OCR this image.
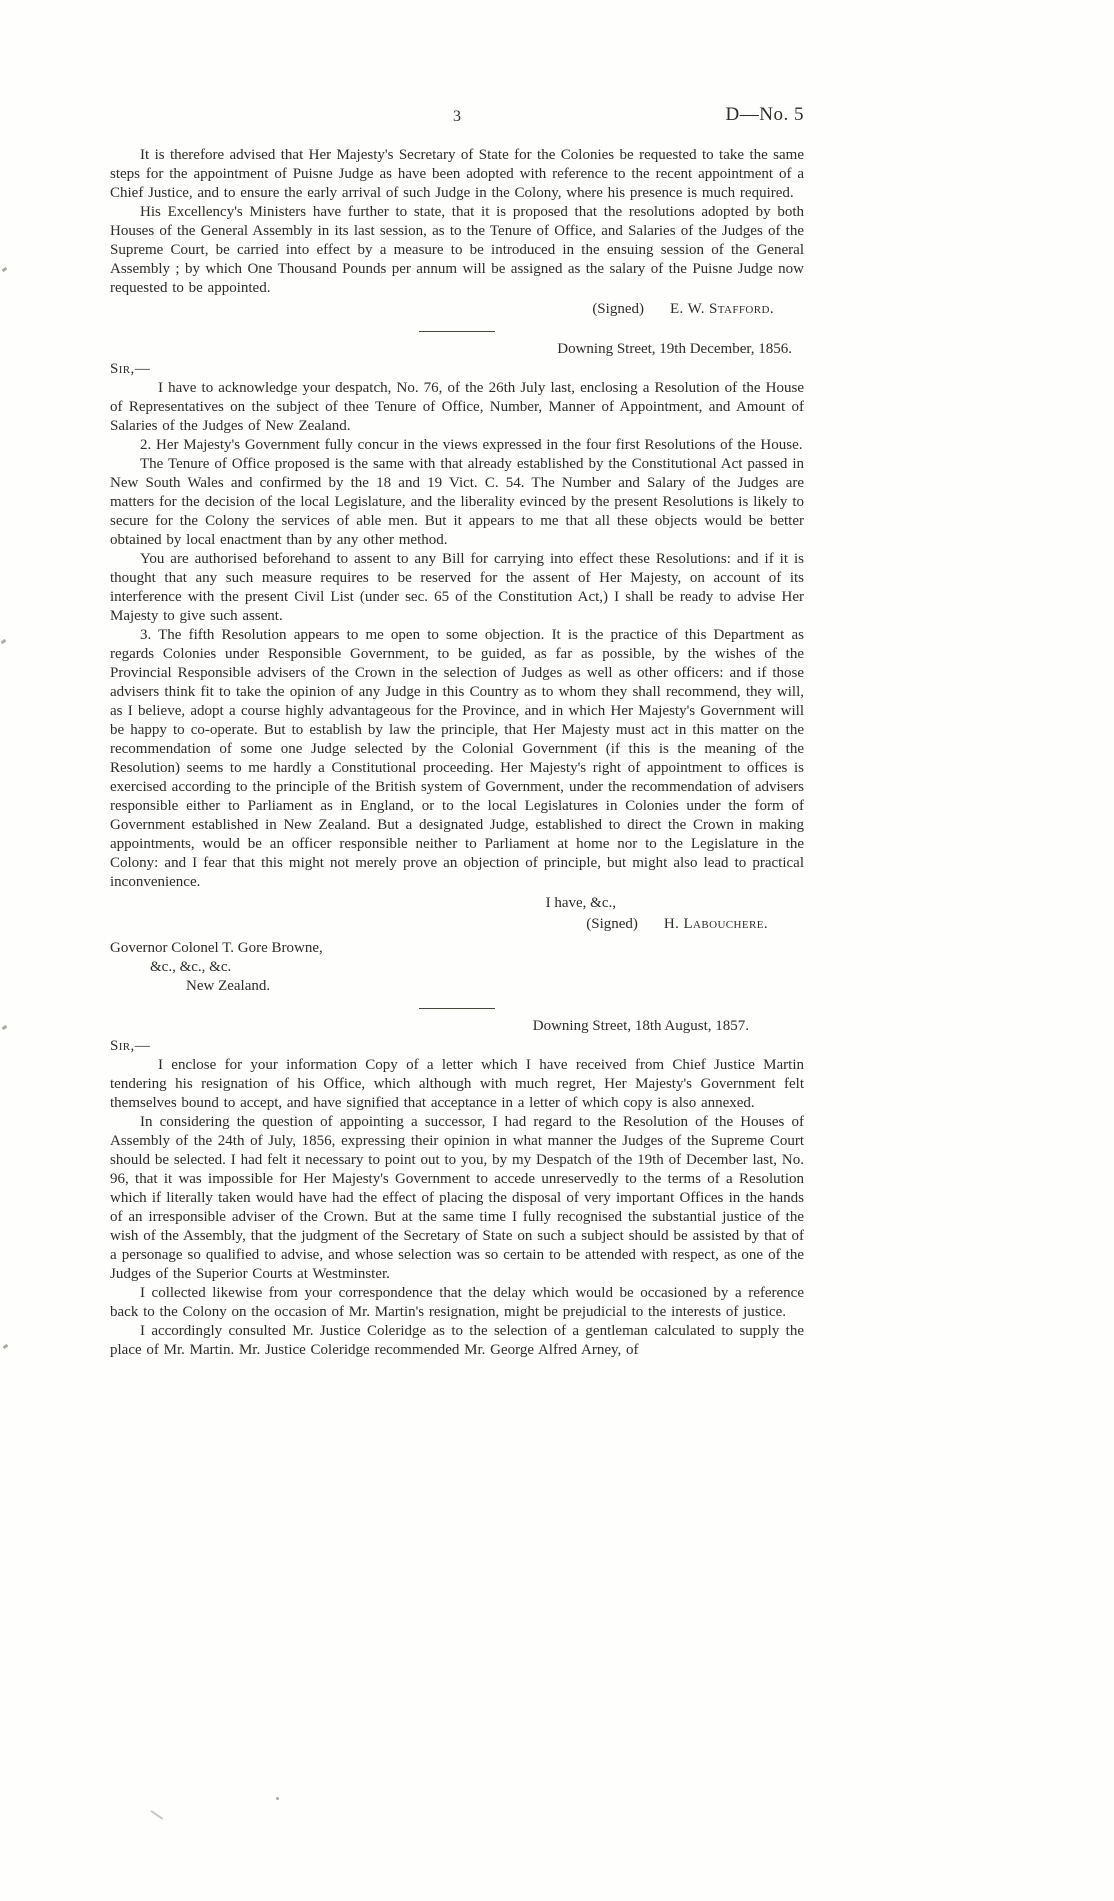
3	D—No. 5

It is therefore advised that Her Majesty's Secretary of State for the Colonies be requested to take the same steps for the appointment of Puisne Judge as have been adopted with reference to the recent appointment of a Chief Justice, and to ensure the early arrival of such Judge in the Colony, where his presence is much required.

His Excellency's Ministers have further to state, that it is proposed that the resolutions adopted by both Houses of the General Assembly in its last session, as to the Tenure of Office, and Salaries of the Judges of the Supreme Court, be carried into effect by a measure to be introduced in the ensuing session of the General Assembly ; by which One Thousand Pounds per annum will be assigned as the salary of the Puisne Judge now requested to be appointed.

(Signed) E. W. Stafford.
Downing Street, 19th December, 1856.
Sir,—

I have to acknowledge your despatch, No. 76, of the 26th July last, enclosing a Resolution of the House of Representatives on the subject of thee Tenure of Office, Number, Manner of Appointment, and Amount of Salaries of the Judges of New Zealand.

2. Her Majesty's Government fully concur in the views expressed in the four first Resolutions of the House.

The Tenure of Office proposed is the same with that already established by the Constitutional Act passed in New South Wales and confirmed by the 18 and 19 Vict. C. 54. The Number and Salary of the Judges are matters for the decision of the local Legislature, and the liberality evinced by the present Resolutions is likely to secure for the Colony the services of able men. But it appears to me that all these objects would be better obtained by local enactment than by any other method.

You are authorised beforehand to assent to any Bill for carrying into effect these Resolutions: and if it is thought that any such measure requires to be reserved for the assent of Her Majesty, on account of its interference with the present Civil List (under sec. 65 of the Constitution Act,) I shall be ready to advise Her Majesty to give such assent.

3. The fifth Resolution appears to me open to some objection. It is the practice of this Department as regards Colonies under Responsible Government, to be guided, as far as possible, by the wishes of the Provincial Responsible advisers of the Crown in the selection of Judges as well as other officers: and if those advisers think fit to take the opinion of any Judge in this Country as to whom they shall recommend, they will, as I believe, adopt a course highly advantageous for the Province, and in which Her Majesty's Government will be happy to co-operate. But to establish by law the principle, that Her Majesty must act in this matter on the recommendation of some one Judge selected by the Colonial Government (if this is the meaning of the Resolution) seems to me hardly a Constitutional proceeding. Her Majesty's right of appointment to offices is exercised according to the principle of the British system of Government, under the recommendation of advisers responsible either to Parliament as in England, or to the local Legislatures in Colonies under the form of Government established in New Zealand. But a designated Judge, established to direct the Crown in making appointments, would be an officer responsible neither to Parliament at home nor to the Legislature in the Colony: and I fear that this might not merely prove an objection of principle, but might also lead to practical inconvenience.

I have, &c.,
(Signed) H. Labouchere.
Governor Colonel T. Gore Browne,
&c., &c., &c.
New Zealand.
Downing Street, 18th August, 1857.
Sir,—

I enclose for your information Copy of a letter which I have received from Chief Justice Martin tendering his resignation of his Office, which although with much regret, Her Majesty's Government felt themselves bound to accept, and have signified that acceptance in a letter of which copy is also annexed.

In considering the question of appointing a successor, I had regard to the Resolution of the Houses of Assembly of the 24th of July, 1856, expressing their opinion in what manner the Judges of the Supreme Court should be selected. I had felt it necessary to point out to you, by my Despatch of the 19th of December last, No. 96, that it was impossible for Her Majesty's Government to accede unreservedly to the terms of a Resolution which if literally taken would have had the effect of placing the disposal of very important Offices in the hands of an irresponsible adviser of the Crown. But at the same time I fully recognised the substantial justice of the wish of the Assembly, that the judgment of the Secretary of State on such a subject should be assisted by that of a personage so qualified to advise, and whose selection was so certain to be attended with respect, as one of the Judges of the Superior Courts at Westminster.

I collected likewise from your correspondence that the delay which would be occasioned by a reference back to the Colony on the occasion of Mr. Martin's resignation, might be prejudicial to the interests of justice.

I accordingly consulted Mr. Justice Coleridge as to the selection of a gentleman calculated to supply the place of Mr. Martin. Mr. Justice Coleridge recommended Mr. George Alfred Arney, of
